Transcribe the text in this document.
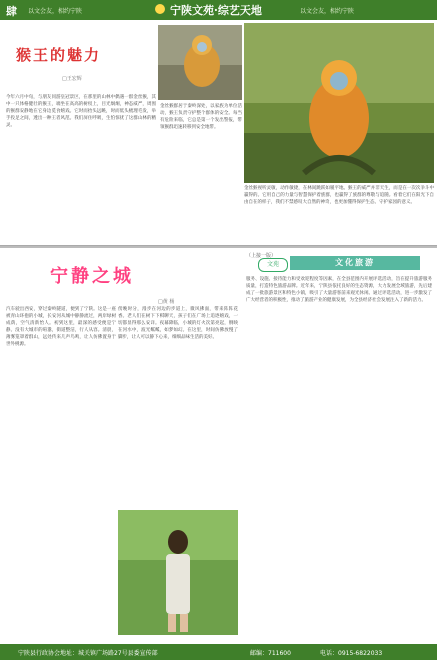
肆 以文会友，相约宁陕	宁陕文苑·综艺天地	以文会友，相约宁陕
猴王的魅力
□王宏辉
今年六月中旬，与朋友同游皇冠景区，在那里的山林中偶遇一群金丝猴，其中一只体格健壮的猴王，端坐在高高的树杈上，目光炯炯，神态威严，周围的猴群安静地在它身边觅食嬉戏。它时而抬头远眺，时而低头梳理毛发，举手投足之间，透出一种王者风范。我们屏住呼吸，生怕惊扰了这群山林的精灵。
金丝猴群居于秦岭深处，以家族为单位活动，猴王负责守护整个群体的安全。每当有危险来临，它总是第一个发出警报，带领猴群迅速转移到安全地带。
金丝猴视听灵敏，动作敏捷，在林间跳跃如履平地。猴王的威严并非天生，而是在一次次争斗中赢得的。它用自己的力量与智慧保护着族群，也赢得了族群的尊敬与追随。看着它们在阳光下自由自在的样子，我们不禁感叹大自然的神奇，也更加懂得保护生态、守护家园的意义。
宁静之城
□黄 杨
汽车驶出西安，穿过秦岭隧道，便到了宁陕。这是一座被青山环抱的小城，长安河从城中静静流过，两岸绿树成荫，空气清新怡人。初到这里，最深的感受便是宁静。没有大城市的喧嚣，街道整洁，行人从容。清晨，薄雾笼罩着群山，远处传来几声鸟鸣，让人仿佛置身于世外桃源。
傍晚时分，漫步在河边的步道上，微风拂面，带来阵阵花香。老人们在树下下棋聊天，孩子们在广场上追逐嬉戏，一切都显得那么安详。夜幕降临，小城的灯火次第亮起，倒映在河水中，波光粼粼，如梦如幻。在这里，时间仿佛放慢了脚步，让人可以静下心来，细细品味生活的美好。
（上接一版）
文苑	文化旅游
服务、设施、接待能力和受欢迎程度等因素，在全县范围内开展评选活动，旨在提升旅游服务质量，打造特色旅游品牌。近年来，宁陕县依托良好的生态资源，大力发展全域旅游，先后建成了一批旅游景区和特色小镇，吸引了大量游客前来观光休闲。通过评选活动，进一步激发了广大经营者的积极性，推动了旅游产业的健康发展，为全县经济社会发展注入了新的活力。
宁陕县行政协会地址：城关镇广场路27号县委宣传部	邮编：711600	电话：0915-6822033
